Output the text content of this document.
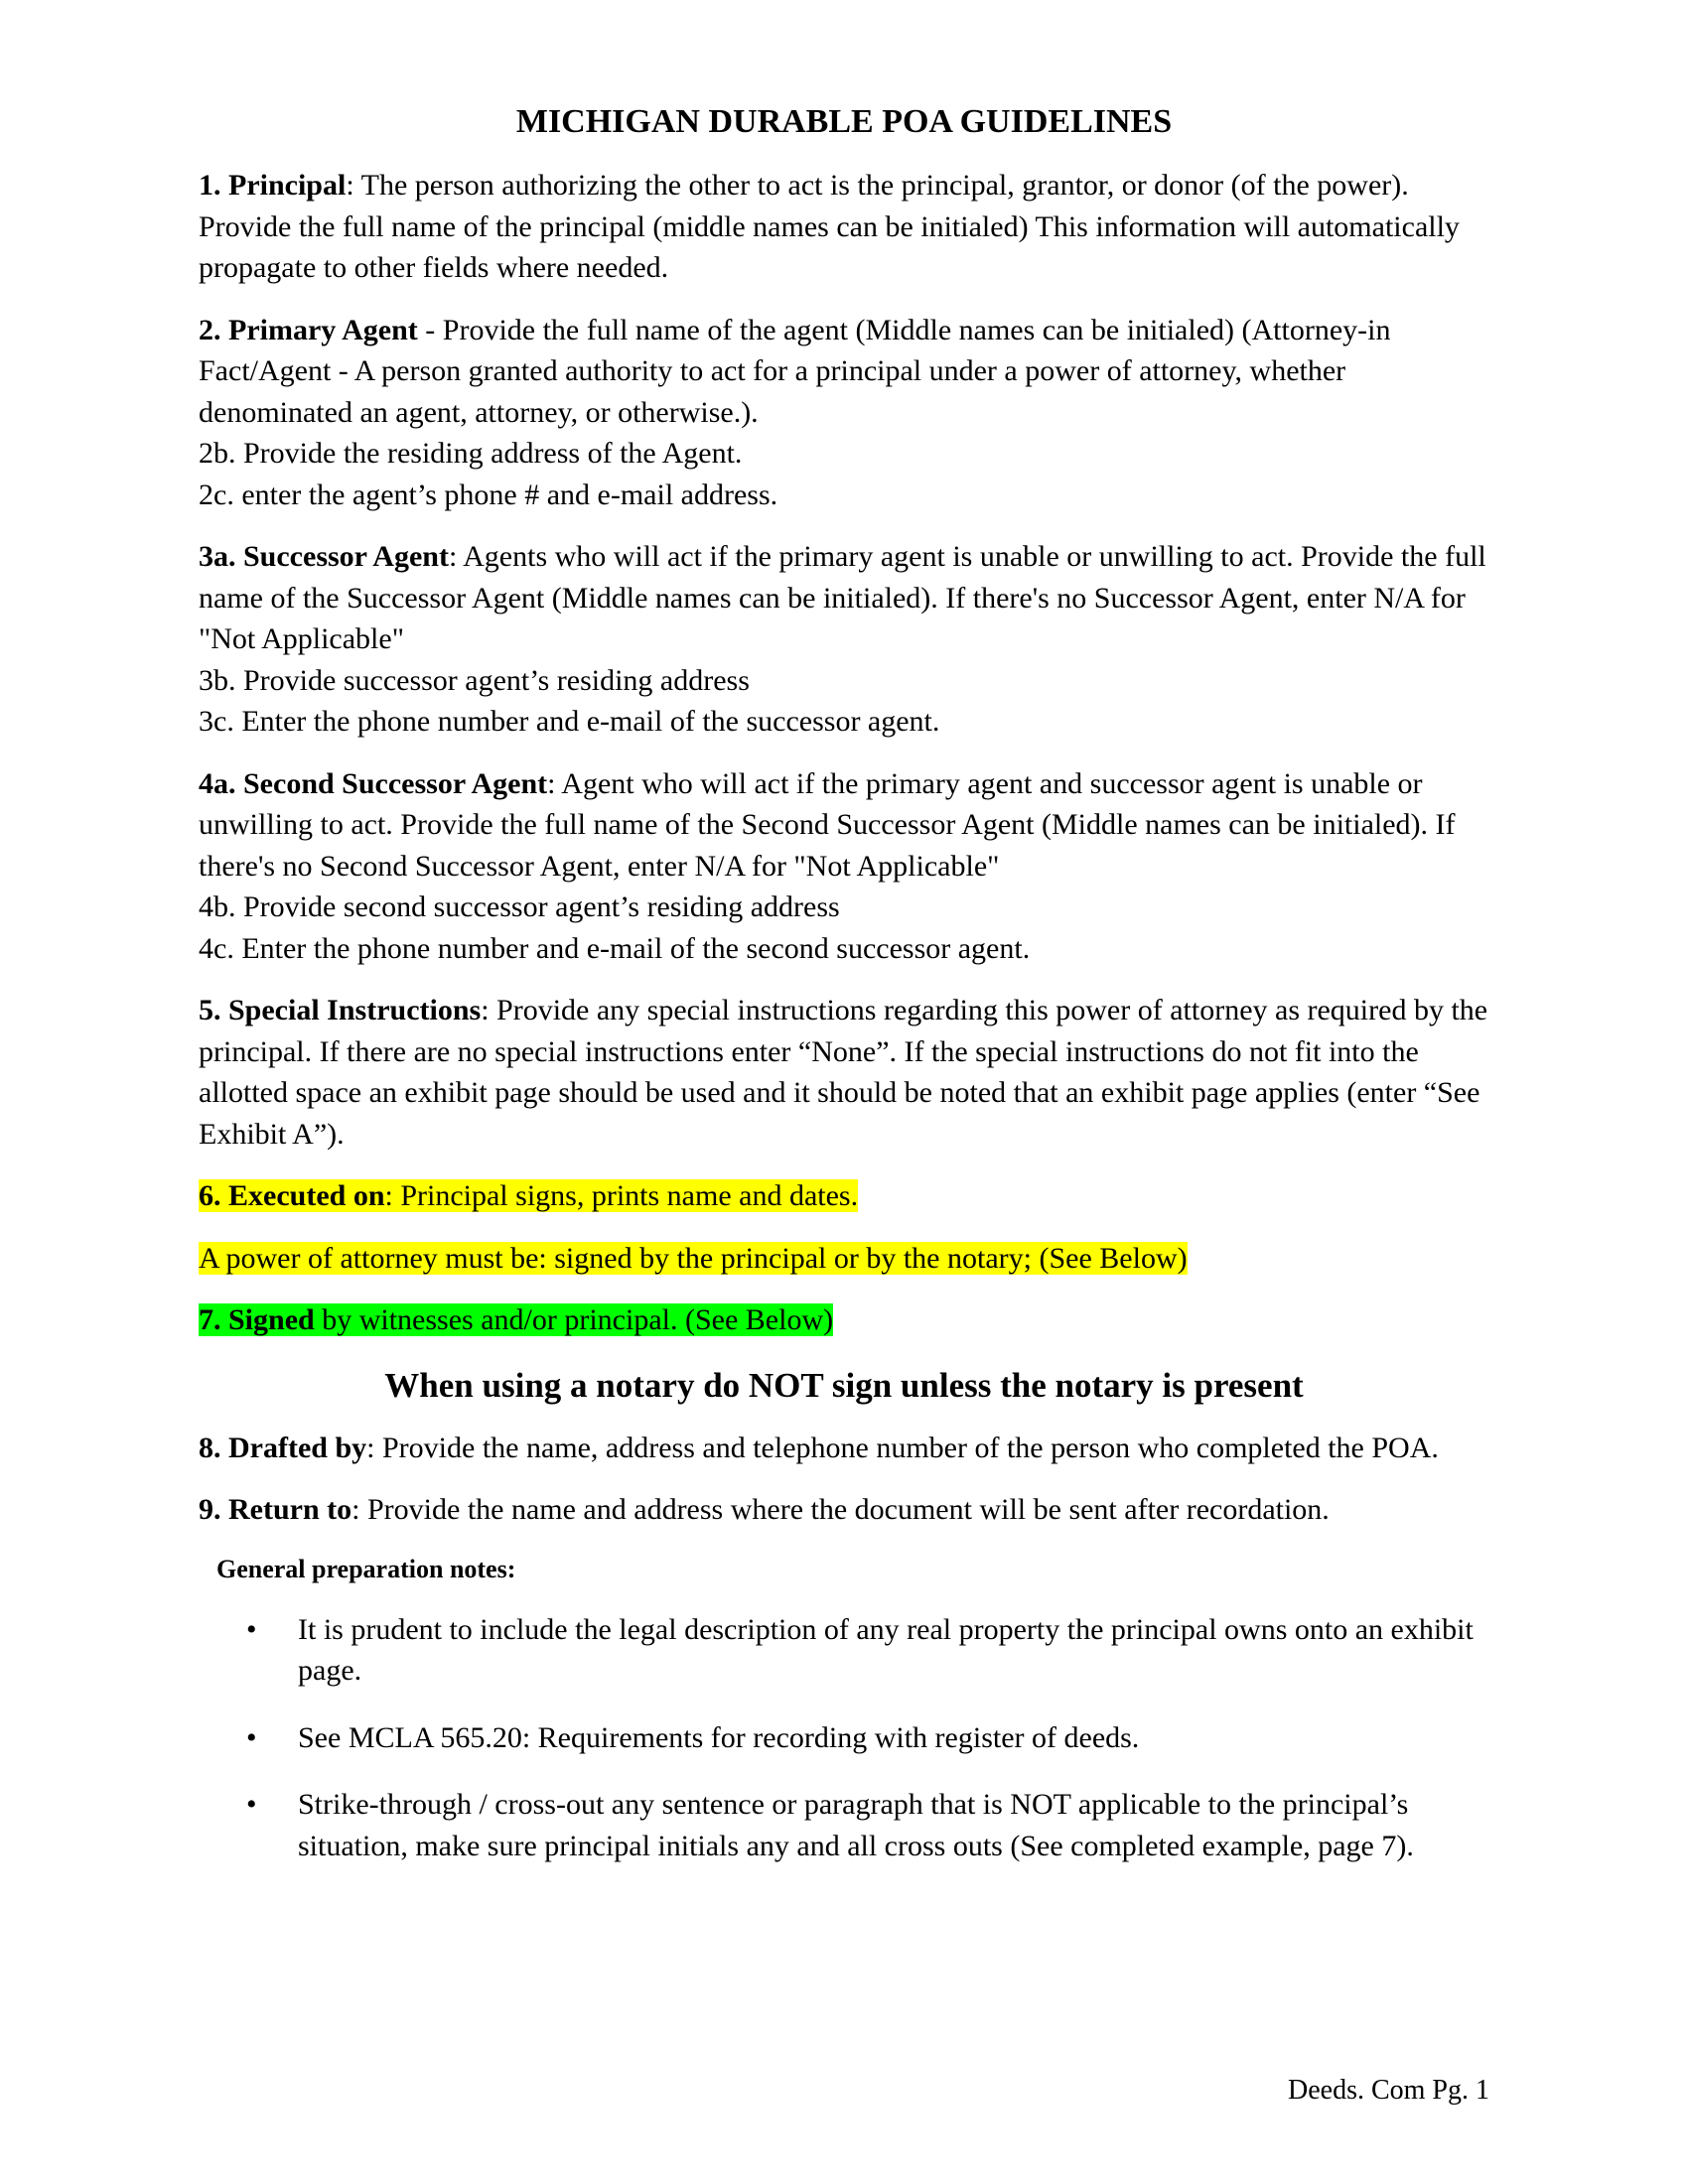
MICHIGAN DURABLE POA GUIDELINES

1. Principal: The person authorizing the other to act is the principal, grantor, or donor (of the power). Provide the full name of the principal (middle names can be initialed) This information will automatically propagate to other fields where needed.

2. Primary Agent - Provide the full name of the agent (Middle names can be initialed) (Attorney-in Fact/Agent - A person granted authority to act for a principal under a power of attorney, whether denominated an agent, attorney, or otherwise.).
2b. Provide the residing address of the Agent.
2c. enter the agent’s phone # and e-mail address.

3a. Successor Agent: Agents who will act if the primary agent is unable or unwilling to act. Provide the full name of the Successor Agent (Middle names can be initialed). If there's no Successor Agent, enter N/A for "Not Applicable"
3b. Provide successor agent’s residing address
3c. Enter the phone number and e-mail of the successor agent.

4a. Second Successor Agent: Agent who will act if the primary agent and successor agent is unable or unwilling to act. Provide the full name of the Second Successor Agent (Middle names can be initialed). If there's no Second Successor Agent, enter N/A for "Not Applicable"
4b. Provide second successor agent’s residing address
4c. Enter the phone number and e-mail of the second successor agent.

5. Special Instructions: Provide any special instructions regarding this power of attorney as required by the principal. If there are no special instructions enter “None”. If the special instructions do not fit into the allotted space an exhibit page should be used and it should be noted that an exhibit page applies (enter “See Exhibit A”).

6. Executed on: Principal signs, prints name and dates.

A power of attorney must be: signed by the principal or by the notary; (See Below)

7. Signed by witnesses and/or principal. (See Below)

When using a notary do NOT sign unless the notary is present

8. Drafted by: Provide the name, address and telephone number of the person who completed the POA.

9. Return to: Provide the name and address where the document will be sent after recordation.

General preparation notes:
• It is prudent to include the legal description of any real property the principal owns onto an exhibit page.
• See MCLA 565.20: Requirements for recording with register of deeds.
• Strike-through / cross-out any sentence or paragraph that is NOT applicable to the principal’s situation, make sure principal initials any and all cross outs (See completed example, page 7).
Deeds. Com Pg. 1
